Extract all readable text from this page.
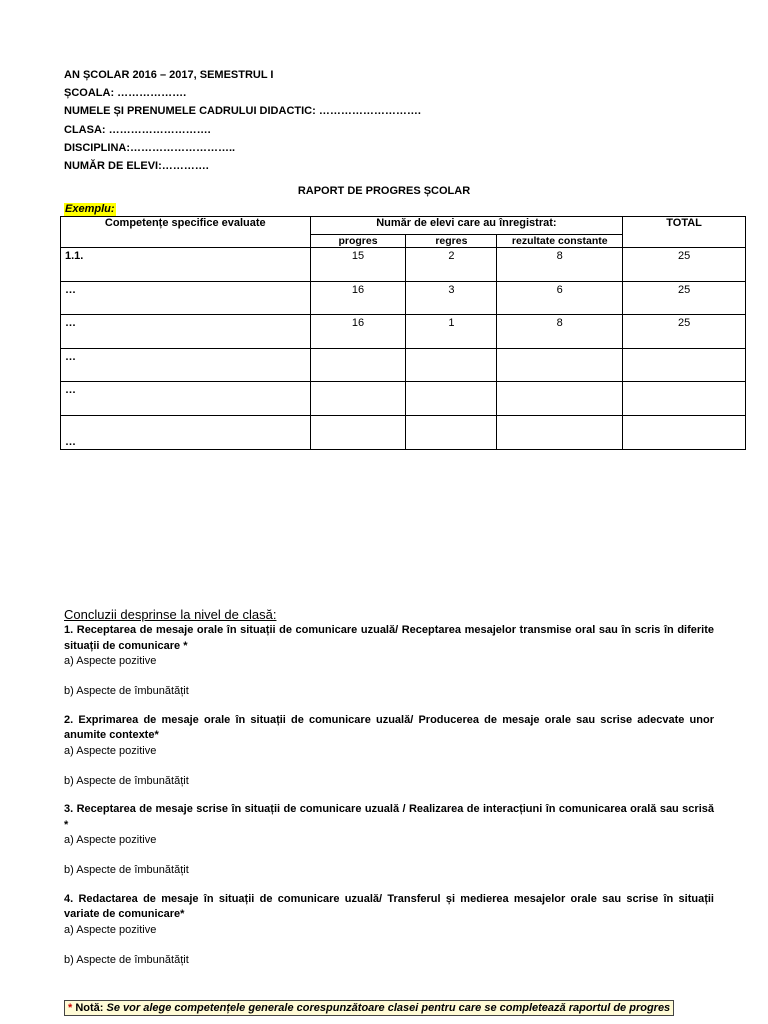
AN ȘCOLAR 2016 – 2017, SEMESTRUL I
ȘCOALA: ……………….
NUMELE ȘI PRENUMELE CADRULUI DIDACTIC: ……………………….
CLASA: ……………………….
DISCIPLINA:………………………..
NUMĂR DE ELEVI:………….
RAPORT DE PROGRES ȘCOLAR
Exemplu:
Competențe specifice evaluate	Număr de elevi care au înregistrat:			TOTAL
	progres	regres	rezultate constante	
1.1.	15	2	8	25
…	16	3	6	25
…	16	1	8	25
…				
…				
…				
Concluzii desprinse la nivel de clasă:
1. Receptarea de mesaje orale în situații de comunicare uzuală/ Receptarea mesajelor transmise oral sau în scris în diferite situații de comunicare *
a) Aspecte pozitive
b) Aspecte de îmbunătățit
2. Exprimarea de mesaje orale în situații de comunicare uzuală/ Producerea de mesaje orale sau scrise adecvate unor anumite contexte*
a) Aspecte pozitive
b) Aspecte de îmbunătățit
3. Receptarea de mesaje scrise în situații de comunicare uzuală / Realizarea de interacțiuni în comunicarea orală sau scrisă *
a) Aspecte pozitive
b) Aspecte de îmbunătățit
4. Redactarea de mesaje în situații de comunicare uzuală/ Transferul și medierea mesajelor orale sau scrise în situații variate de comunicare*
a) Aspecte pozitive
b) Aspecte de îmbunătățit
* Notă: Se vor alege competențele generale corespunzătoare clasei pentru care se completează raportul de progres
